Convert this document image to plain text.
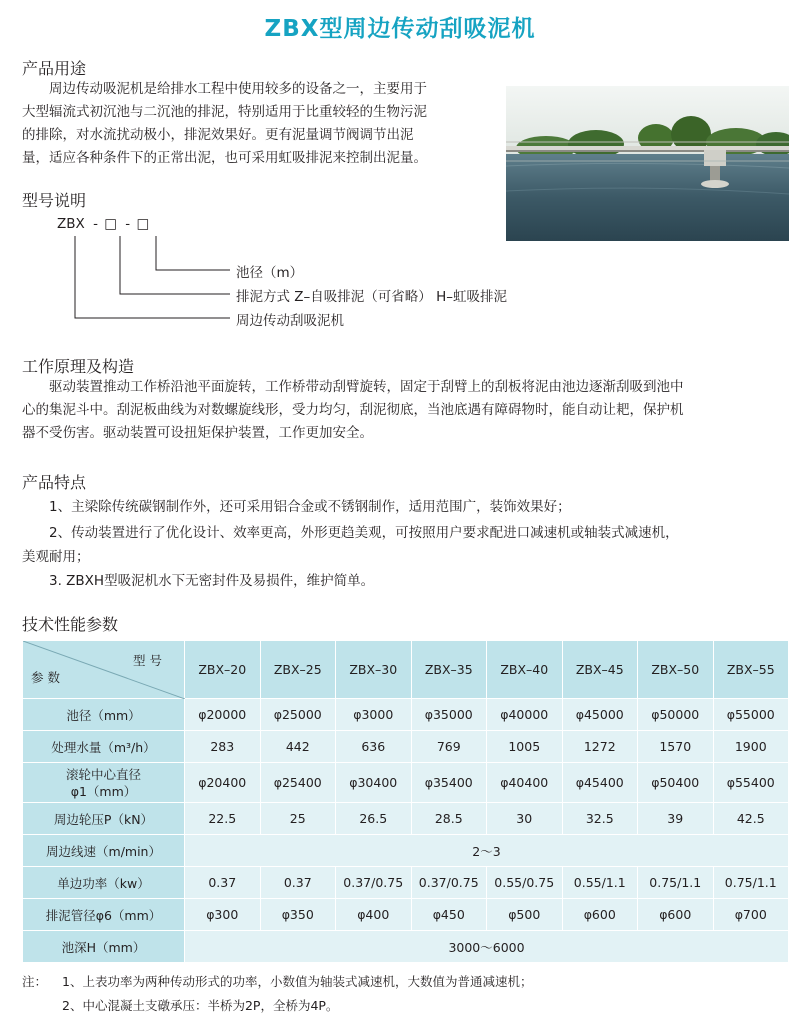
ZBX型周边传动刮吸泥机
产品用途
周边传动吸泥机是给排水工程中使用较多的设备之一，主要用于
大型辐流式初沉池与二沉池的排泥，特别适用于比重较轻的生物污泥
的排除，对水流扰动极小，排泥效果好。更有泥量调节阀调节出泥
量，适应各种条件下的正常出泥，也可采用虹吸排泥来控制出泥量。
型号说明
ZBX - □ - □
池径（m）
排泥方式 Z–自吸排泥（可省略） H–虹吸排泥
周边传动刮吸泥机
工作原理及构造
驱动装置推动工作桥沿池平面旋转，工作桥带动刮臂旋转，固定于刮臂上的刮板将泥由池边逐渐刮吸到池中
心的集泥斗中。刮泥板曲线为对数螺旋线形，受力均匀，刮泥彻底，当池底遇有障碍物时，能自动让耙，保护机
器不受伤害。驱动装置可设扭矩保护装置，工作更加安全。
产品特点
1、主梁除传统碳钢制作外，还可采用铝合金或不锈钢制作，适用范围广，装饰效果好；
2、传动装置进行了优化设计、效率更高，外形更趋美观，可按照用户要求配进口减速机或轴装式减速机，
美观耐用；
3. ZBXH型吸泥机水下无密封件及易损件，维护简单。
技术性能参数
型 号
参 数	ZBX–20	ZBX–25	ZBX–30	ZBX–35	ZBX–40	ZBX–45	ZBX–50	ZBX–55
池径（mm）	φ20000	φ25000	φ3000	φ35000	φ40000	φ45000	φ50000	φ55000
处理水量（m³/h）	283	442	636	769	1005	1272	1570	1900

滚轮中心直径
φ1（mm）	φ20400	φ25400	φ30400	φ35400	φ40400	φ45400	φ50400	φ55400
周边轮压P（kN）	22.5	25	26.5	28.5	30	32.5	39	42.5
周边线速（m/min）	2～3							
单边功率（kw）	0.37	0.37	0.37/0.75	0.37/0.75	0.55/0.75	0.55/1.1	0.75/1.1	0.75/1.1
排泥管径φ6（mm）	φ300	φ350	φ400	φ450	φ500	φ600	φ600	φ700
池深H（mm）	3000～6000							
注： 1、上表功率为两种传动形式的功率，小数值为轴装式减速机，大数值为普通减速机；
2、中心混凝土支礅承压：半桥为2P，全桥为4P。
